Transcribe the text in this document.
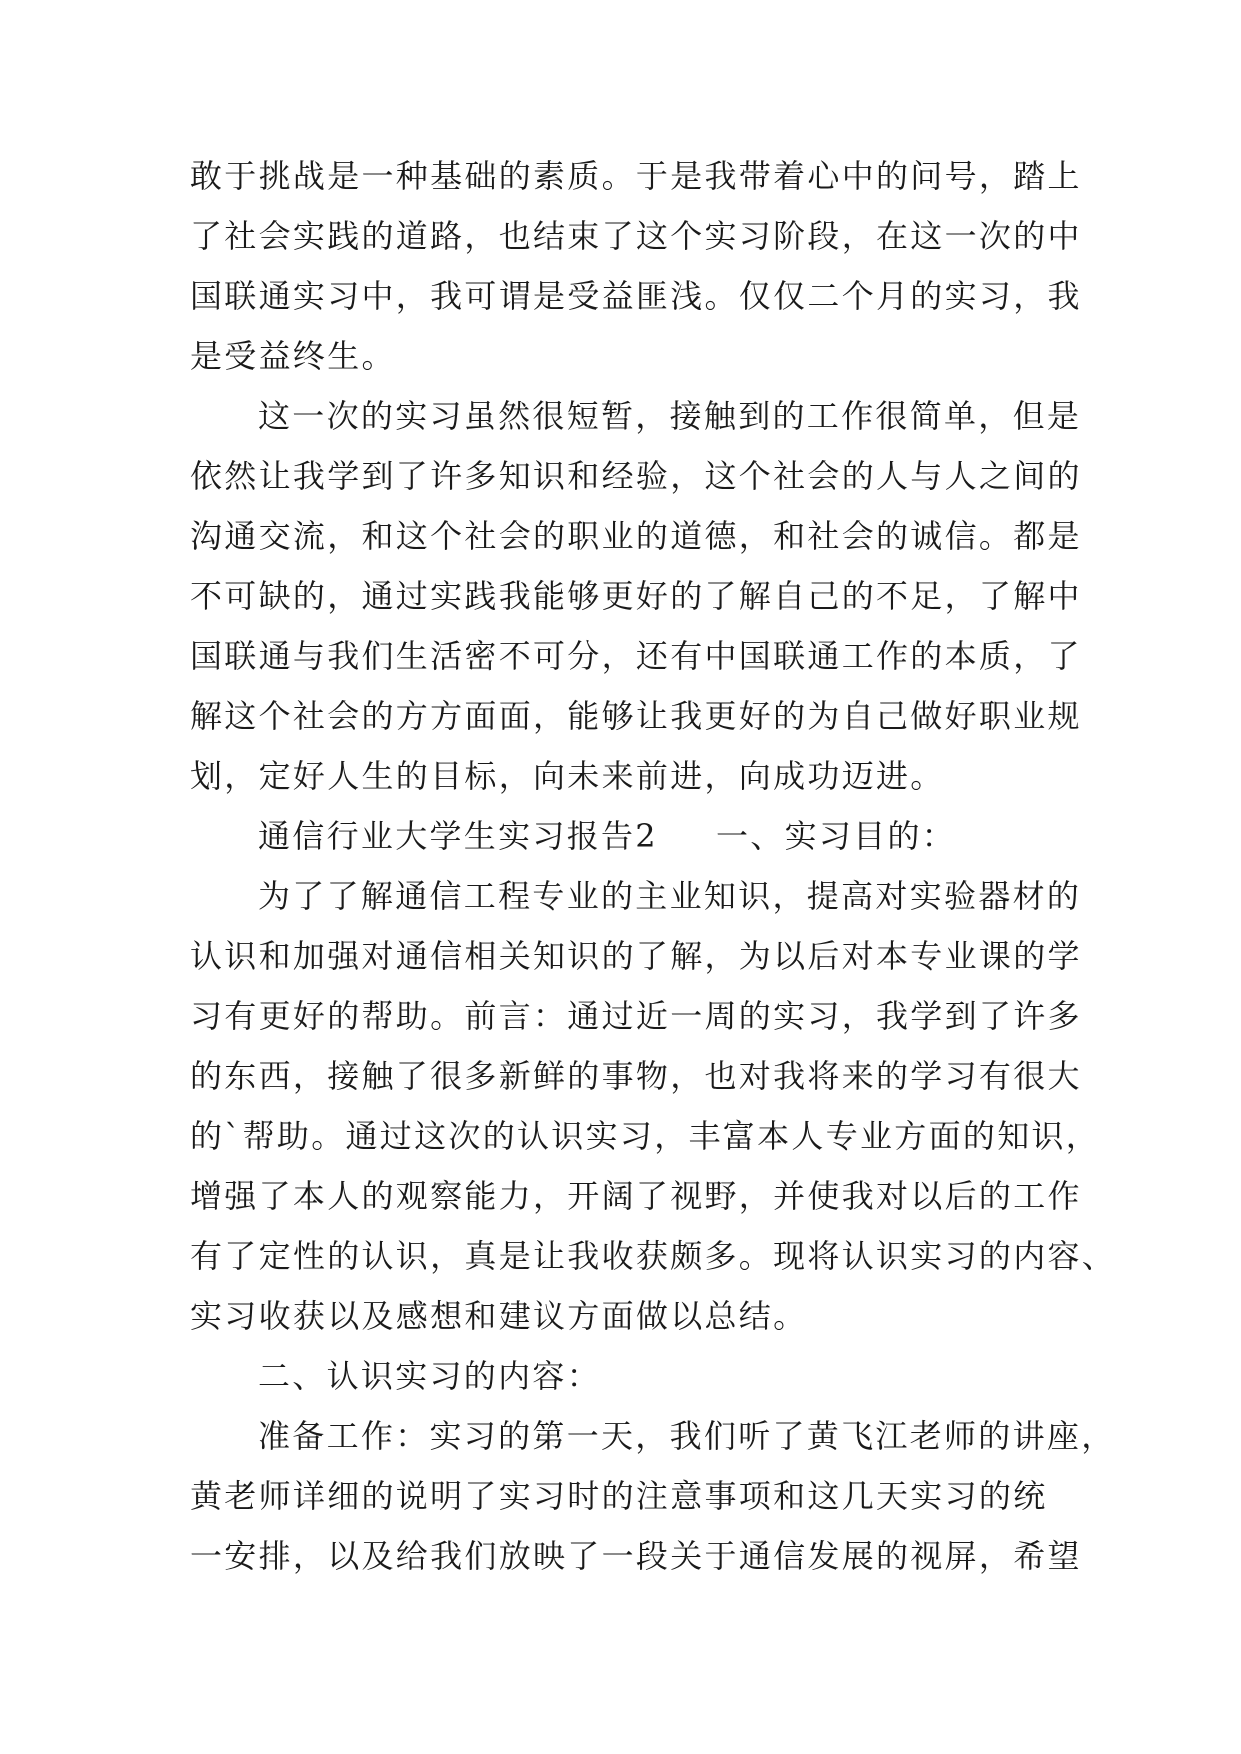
敢于挑战是一种基础的素质。于是我带着心中的问号，踏上
了社会实践的道路，也结束了这个实习阶段，在这一次的中
国联通实习中，我可谓是受益匪浅。仅仅二个月的实习，我
是受益终生。
这一次的实习虽然很短暂，接触到的工作很简单，但是
依然让我学到了许多知识和经验，这个社会的人与人之间的
沟通交流，和这个社会的职业的道德，和社会的诚信。都是
不可缺的，通过实践我能够更好的了解自己的不足，了解中
国联通与我们生活密不可分，还有中国联通工作的本质，了
解这个社会的方方面面，能够让我更好的为自己做好职业规
划，定好人生的目标，向未来前进，向成功迈进。
通信行业大学生实习报告2 一、实习目的：
为了了解通信工程专业的主业知识，提高对实验器材的
认识和加强对通信相关知识的了解，为以后对本专业课的学
习有更好的帮助。前言：通过近一周的实习，我学到了许多
的东西，接触了很多新鲜的事物，也对我将来的学习有很大
的`帮助。通过这次的认识实习，丰富本人专业方面的知识，
增强了本人的观察能力，开阔了视野，并使我对以后的工作
有了定性的认识，真是让我收获颇多。现将认识实习的内容、
实习收获以及感想和建议方面做以总结。
二、认识实习的内容：
准备工作：实习的第一天，我们听了黄飞江老师的讲座，
黄老师详细的说明了实习时的注意事项和这几天实习的统
一安排，以及给我们放映了一段关于通信发展的视屏，希望
